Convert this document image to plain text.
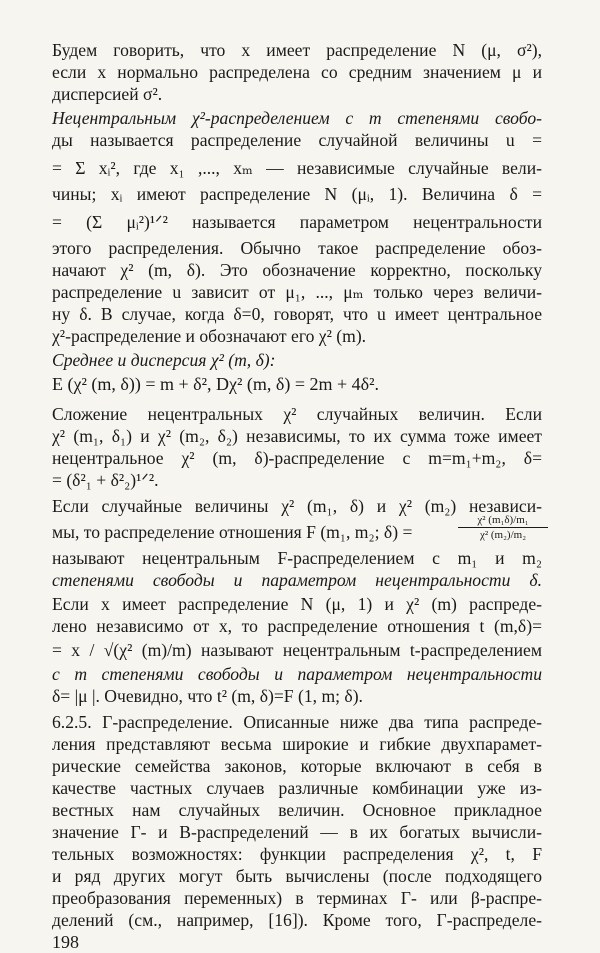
Будем говорить, что x имеет распределение N (μ, σ²),
если x нормально распределена со средним значением μ и
дисперсией σ².
Нецентральным χ²-распределением с m степенями свобо-
ды называется распределение случайной величины u =
= Σ xᵢ², где x₁ ,..., xₘ — независимые случайные вели-
чины; xᵢ имеют распределение N (μᵢ, 1). Величина δ =
= (Σ μᵢ²)¹ᐟ² называется параметром нецентральности
этого распределения. Обычно такое распределение обоз-
начают χ² (m, δ). Это обозначение корректно, поскольку
распределение u зависит от μ₁, ..., μₘ только через величи-
ну δ. В случае, когда δ=0, говорят, что u имеет центральное
χ²-распределение и обозначают его χ² (m).
Среднее и дисперсия χ² (m, δ):
E (χ² (m, δ)) = m + δ², Dχ² (m, δ) = 2m + 4δ².
Сложение нецентральных χ² случайных величин. Если
χ² (m₁, δ₁) и χ² (m₂, δ₂) независимы, то их сумма тоже имеет
нецентральное χ² (m, δ)-распределение с m=m₁+m₂, δ=
= (δ²₁ + δ²₂)¹ᐟ².
Если случайные величины χ² (m₁, δ) и χ² (m₂) независи-
мы, то распределение отношения F (m₁, m₂; δ) =
χ² (m₁δ)/m₁
χ² (m₂)/m₂
называют нецентральным F-распределением с m₁ и m₂
степенями свободы и параметром нецентральности δ.
Если x имеет распределение N (μ, 1) и χ² (m) распреде-
лено независимо от x, то распределение отношения t (m,δ)=
= x / √(χ² (m)/m) называют нецентральным t-распределением
с m степенями свободы и параметром нецентральности
δ= |μ |. Очевидно, что t² (m, δ)=F (1, m; δ).
6.2.5. Г-распределение. Описанные ниже два типа распреде-
ления представляют весьма широкие и гибкие двухпарамет-
рические семейства законов, которые включают в себя в
качестве частных случаев различные комбинации уже из-
вестных нам случайных величин. Основное прикладное
значение Г- и В-распределений — в их богатых вычисли-
тельных возможностях: функции распределения χ², t, F
и ряд других могут быть вычислены (после подходящего
преобразования переменных) в терминах Г- или β-распре-
делений (см., например, [16]). Кроме того, Г-распределе-
198
